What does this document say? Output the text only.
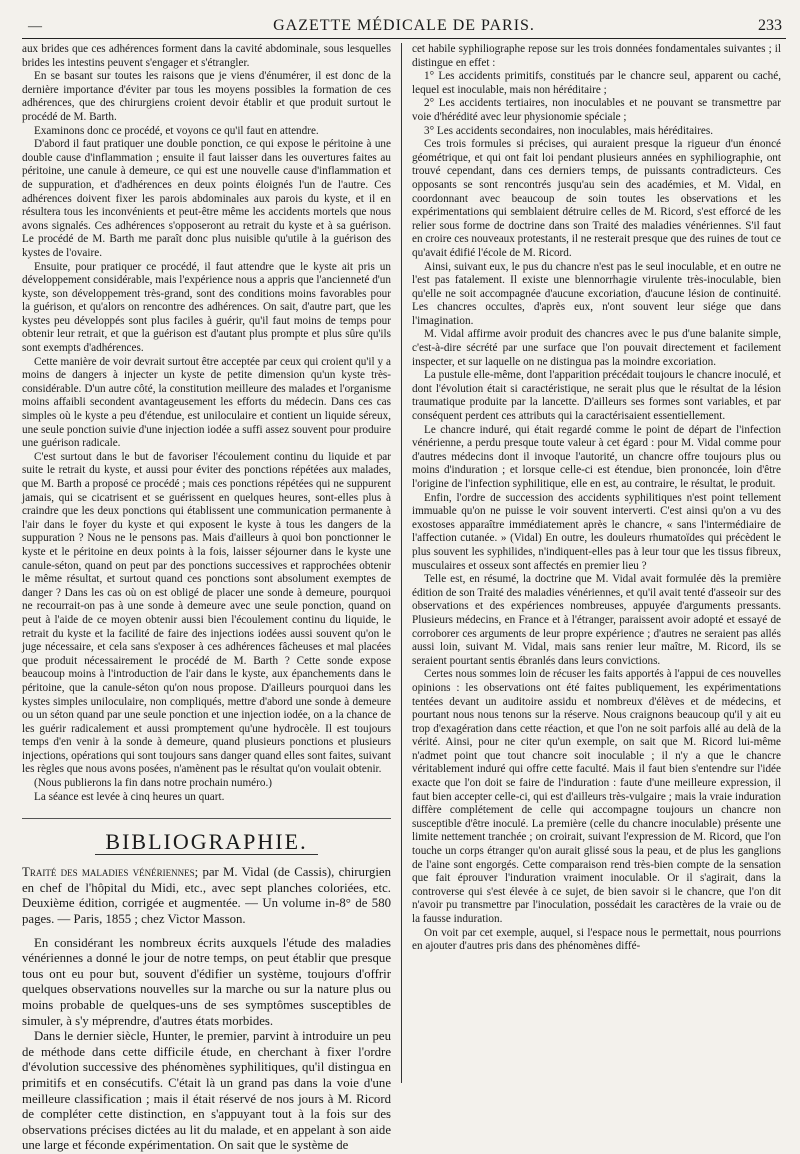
—	GAZETTE MÉDICALE DE PARIS.	233

aux brides que ces adhérences forment dans la cavité abdominale, sous lesquelles brides les intestins peuvent s'engager et s'étrangler.

En se basant sur toutes les raisons que je viens d'énumérer, il est donc de la dernière importance d'éviter par tous les moyens possibles la formation de ces adhérences, que des chirurgiens croient devoir établir et que produit surtout le procédé de M. Barth.

Examinons donc ce procédé, et voyons ce qu'il faut en attendre.

D'abord il faut pratiquer une double ponction, ce qui expose le péritoine à une double cause d'inflammation ; ensuite il faut laisser dans les ouvertures faites au péritoine, une canule à demeure, ce qui est une nouvelle cause d'inflammation et de suppuration, et d'adhérences en deux points éloignés l'un de l'autre. Ces adhérences doivent fixer les parois abdominales aux parois du kyste, et il en résultera tous les inconvénients et peut-être même les accidents mortels que nous avons signalés. Ces adhérences s'opposeront au retrait du kyste et à sa guérison. Le procédé de M. Barth me paraît donc plus nuisible qu'utile à la guérison des kystes de l'ovaire.

Ensuite, pour pratiquer ce procédé, il faut attendre que le kyste ait pris un développement considérable, mais l'expérience nous a appris que l'ancienneté d'un kyste, son développement très-grand, sont des conditions moins favorables pour la guérison, et qu'alors on rencontre des adhérences. On sait, d'autre part, que les kystes peu développés sont plus faciles à guérir, qu'il faut moins de temps pour obtenir leur retrait, et que la guérison est d'autant plus prompte et plus sûre qu'ils sont exempts d'adhérences.

Cette manière de voir devrait surtout être acceptée par ceux qui croient qu'il y a moins de dangers à injecter un kyste de petite dimension qu'un kyste très-considérable. D'un autre côté, la constitution meilleure des malades et l'organisme moins affaibli secondent avantageusement les efforts du médecin. Dans ces cas simples où le kyste a peu d'étendue, est uniloculaire et contient un liquide séreux, une seule ponction suivie d'une injection iodée a suffi assez souvent pour produire une guérison radicale.

C'est surtout dans le but de favoriser l'écoulement continu du liquide et par suite le retrait du kyste, et aussi pour éviter des ponctions répétées aux malades, que M. Barth a proposé ce procédé ; mais ces ponctions répétées qui ne suppurent jamais, qui se cicatrisent et se guérissent en quelques heures, sont-elles plus à craindre que les deux ponctions qui établissent une communication permanente à l'air dans le foyer du kyste et qui exposent le kyste à tous les dangers de la suppuration ? Nous ne le pensons pas. Mais d'ailleurs à quoi bon ponctionner le kyste et le péritoine en deux points à la fois, laisser séjourner dans le kyste une canule-séton, quand on peut par des ponctions successives et rapprochées obtenir le même résultat, et surtout quand ces ponctions sont absolument exemptes de danger ? Dans les cas où on est obligé de placer une sonde à demeure, pourquoi ne recourrait-on pas à une sonde à demeure avec une seule ponction, quand on peut à l'aide de ce moyen obtenir aussi bien l'écoulement continu du liquide, le retrait du kyste et la facilité de faire des injections iodées aussi souvent qu'on le juge nécessaire, et cela sans s'exposer à ces adhérences fâcheuses et mal placées que produit nécessairement le procédé de M. Barth ? Cette sonde expose beaucoup moins à l'introduction de l'air dans le kyste, aux épanchements dans le péritoine, que la canule-séton qu'on nous propose. D'ailleurs pourquoi dans les kystes simples uniloculaire, non compliqués, mettre d'abord une sonde à demeure ou un séton quand par une seule ponction et une injection iodée, on a la chance de les guérir radicalement et aussi promptement qu'une hydrocèle. Il est toujours temps d'en venir à la sonde à demeure, quand plusieurs ponctions et plusieurs injections, opérations qui sont toujours sans danger quand elles sont faites, suivant les règles que nous avons posées, n'amènent pas le résultat qu'on voulait obtenir.

(Nous publierons la fin dans notre prochain numéro.)

La séance est levée à cinq heures un quart.

BIBLIOGRAPHIE.
Traité des maladies vénériennes; par M. Vidal (de Cassis), chirurgien en chef de l'hôpital du Midi, etc., avec sept planches coloriées, etc. Deuxième édition, corrigée et augmentée. — Un volume in-8° de 580 pages. — Paris, 1855 ; chez Victor Masson.

En considérant les nombreux écrits auxquels l'étude des maladies vénériennes a donné le jour de notre temps, on peut établir que presque tous ont eu pour but, souvent d'édifier un système, toujours d'offrir quelques observations nouvelles sur la marche ou sur la nature plus ou moins probable de quelques-uns de ses symptômes susceptibles de simuler, à s'y méprendre, d'autres états morbides.

Dans le dernier siècle, Hunter, le premier, parvint à introduire un peu de méthode dans cette difficile étude, en cherchant à fixer l'ordre d'évolution successive des phénomènes syphilitiques, qu'il distingua en primitifs et en consécutifs. C'était là un grand pas dans la voie d'une meilleure classification ; mais il était réservé de nos jours à M. Ricord de compléter cette distinction, en s'appuyant tout à la fois sur des observations précises dictées au lit du malade, et en appelant à son aide une large et féconde expérimentation. On sait que le système de

cet habile syphiliographe repose sur les trois données fondamentales suivantes ; il distingue en effet :

1° Les accidents primitifs, constitués par le chancre seul, apparent ou caché, lequel est inoculable, mais non héréditaire ;

2° Les accidents tertiaires, non inoculables et ne pouvant se transmettre par voie d'hérédité avec leur physionomie spéciale ;

3° Les accidents secondaires, non inoculables, mais héréditaires.

Ces trois formules si précises, qui auraient presque la rigueur d'un énoncé géométrique, et qui ont fait loi pendant plusieurs années en syphiliographie, ont trouvé cependant, dans ces derniers temps, de puissants contradicteurs. Ces opposants se sont rencontrés jusqu'au sein des académies, et M. Vidal, en coordonnant avec beaucoup de soin toutes les observations et les expérimentations qui semblaient détruire celles de M. Ricord, s'est efforcé de les relier sous forme de doctrine dans son Traité des maladies vénériennes. S'il faut en croire ces nouveaux protestants, il ne resterait presque que des ruines de tout ce qu'avait édifié l'école de M. Ricord.

Ainsi, suivant eux, le pus du chancre n'est pas le seul inoculable, et en outre ne l'est pas fatalement. Il existe une blennorrhagie virulente très-inoculable, bien qu'elle ne soit accompagnée d'aucune excoriation, d'aucune lésion de continuité. Les chancres occultes, d'après eux, n'ont souvent leur siége que dans l'imagination.

M. Vidal affirme avoir produit des chancres avec le pus d'une balanite simple, c'est-à-dire sécrété par une surface que l'on pouvait directement et facilement inspecter, et sur laquelle on ne distingua pas la moindre excoriation.

La pustule elle-même, dont l'apparition précédait toujours le chancre inoculé, et dont l'évolution était si caractéristique, ne serait plus que le résultat de la lésion traumatique produite par la lancette. D'ailleurs ses formes sont variables, et par conséquent perdent ces attributs qui la caractérisaient essentiellement.

Le chancre induré, qui était regardé comme le point de départ de l'infection vénérienne, a perdu presque toute valeur à cet égard : pour M. Vidal comme pour d'autres médecins dont il invoque l'autorité, un chancre offre toujours plus ou moins d'induration ; et lorsque celle-ci est étendue, bien prononcée, loin d'être l'origine de l'infection syphilitique, elle en est, au contraire, le résultat, le produit.

Enfin, l'ordre de succession des accidents syphilitiques n'est point tellement immuable qu'on ne puisse le voir souvent interverti. C'est ainsi qu'on a vu des exostoses apparaître immédiatement après le chancre, « sans l'intermédiaire de l'affection cutanée. » (Vidal) En outre, les douleurs rhumatoïdes qui précèdent le plus souvent les syphilides, n'indiquent-elles pas à leur tour que les tissus fibreux, musculaires et osseux sont affectés en premier lieu ?

Telle est, en résumé, la doctrine que M. Vidal avait formulée dès la première édition de son Traité des maladies vénériennes, et qu'il avait tenté d'asseoir sur des observations et des expériences nombreuses, appuyée d'arguments pressants. Plusieurs médecins, en France et à l'étranger, paraissent avoir adopté et essayé de corroborer ces arguments de leur propre expérience ; d'autres ne seraient pas allés aussi loin, suivant M. Vidal, mais sans renier leur maître, M. Ricord, ils se seraient pourtant sentis ébranlés dans leurs convictions.

Certes nous sommes loin de récuser les faits apportés à l'appui de ces nouvelles opinions : les observations ont été faites publiquement, les expérimentations tentées devant un auditoire assidu et nombreux d'élèves et de médecins, et pourtant nous nous tenons sur la réserve. Nous craignons beaucoup qu'il y ait eu trop d'exagération dans cette réaction, et que l'on ne soit parfois allé au delà de la vérité. Ainsi, pour ne citer qu'un exemple, on sait que M. Ricord lui-même n'admet point que tout chancre soit inoculable ; il n'y a que le chancre véritablement induré qui offre cette faculté. Mais il faut bien s'entendre sur l'idée exacte que l'on doit se faire de l'induration : faute d'une meilleure expression, il faut bien accepter celle-ci, qui est d'ailleurs très-vulgaire ; mais la vraie induration diffère complétement de celle qui accompagne toujours un chancre non susceptible d'être inoculé. La première (celle du chancre inoculable) présente une limite nettement tranchée ; on croirait, suivant l'expression de M. Ricord, que l'on touche un corps étranger qu'on aurait glissé sous la peau, et de plus les ganglions de l'aine sont engorgés. Cette comparaison rend très-bien compte de la sensation que fait éprouver l'induration vraiment inoculable. Or il s'agirait, dans la controverse qui s'est élevée à ce sujet, de bien savoir si le chancre, que l'on dit n'avoir pu transmettre par l'inoculation, possédait les caractères de la vraie ou de la fausse induration.

On voit par cet exemple, auquel, si l'espace nous le permettait, nous pourrions en ajouter d'autres pris dans des phénomènes diffé-
